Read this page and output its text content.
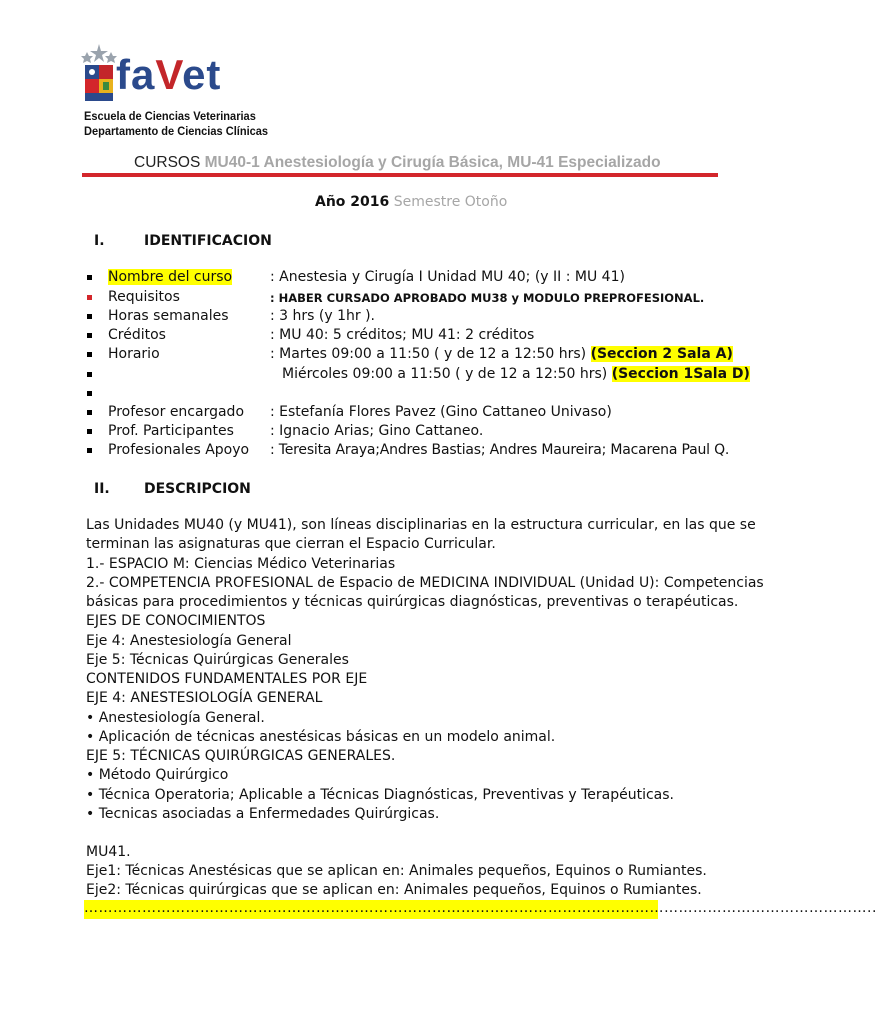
faVet
Escuela de Ciencias Veterinarias
Departamento de Ciencias Clínicas
CURSOS MU40-1 Anestesiología y Cirugía Básica, MU-41 Especializado
Año 2016 Semestre Otoño
I.	IDENTIFICACION
Nombre del curso	: Anestesia y Cirugía I Unidad MU 40; (y II : MU 41)
Requisitos	: HABER CURSADO APROBADO MU38 y MODULO PREPROFESIONAL.
Horas semanales	: 3 hrs (y 1hr ).
Créditos	: MU 40: 5 créditos; MU 41: 2 créditos
Horario	: Martes 09:00 a 11:50 ( y de 12 a 12:50 hrs) (Seccion 2 Sala A)
Miércoles 09:00 a 11:50 ( y de 12 a 12:50 hrs) (Seccion 1Sala D)
Profesor encargado : Estefanía Flores Pavez (Gino Cattaneo Univaso)
Prof. Participantes	: Ignacio Arias; Gino Cattaneo.
Profesionales Apoyo : Teresita Araya;Andres Bastias; Andres Maureira; Macarena Paul Q.
II. DESCRIPCION
Las Unidades MU40 (y MU41), son líneas disciplinarias en la estructura curricular, en las que se
terminan las asignaturas que cierran el Espacio Curricular.
1.- ESPACIO M: Ciencias Médico Veterinarias
2.- COMPETENCIA PROFESIONAL de Espacio de MEDICINA INDIVIDUAL (Unidad U): Competencias
básicas para procedimientos y técnicas quirúrgicas diagnósticas, preventivas o terapéuticas.
EJES DE CONOCIMIENTOS
Eje 4: Anestesiología General
Eje 5: Técnicas Quirúrgicas Generales
CONTENIDOS FUNDAMENTALES POR EJE
EJE 4: ANESTESIOLOGÍA GENERAL
• Anestesiología General.
• Aplicación de técnicas anestésicas básicas en un modelo animal.
EJE 5: TÉCNICAS QUIRÚRGICAS GENERALES.
• Método Quirúrgico
• Técnica Operatoria; Aplicable a Técnicas Diagnósticas, Preventivas y Terapéuticas.
• Tecnicas asociadas a Enfermedades Quirúrgicas.
MU41.
Eje1: Técnicas Anestésicas que se aplican en: Animales pequeños, Equinos o Rumiantes.
Eje2: Técnicas quirúrgicas que se aplican en: Animales pequeños, Equinos o Rumiantes.
………………………………………………………………………………………………………………………………………………..
